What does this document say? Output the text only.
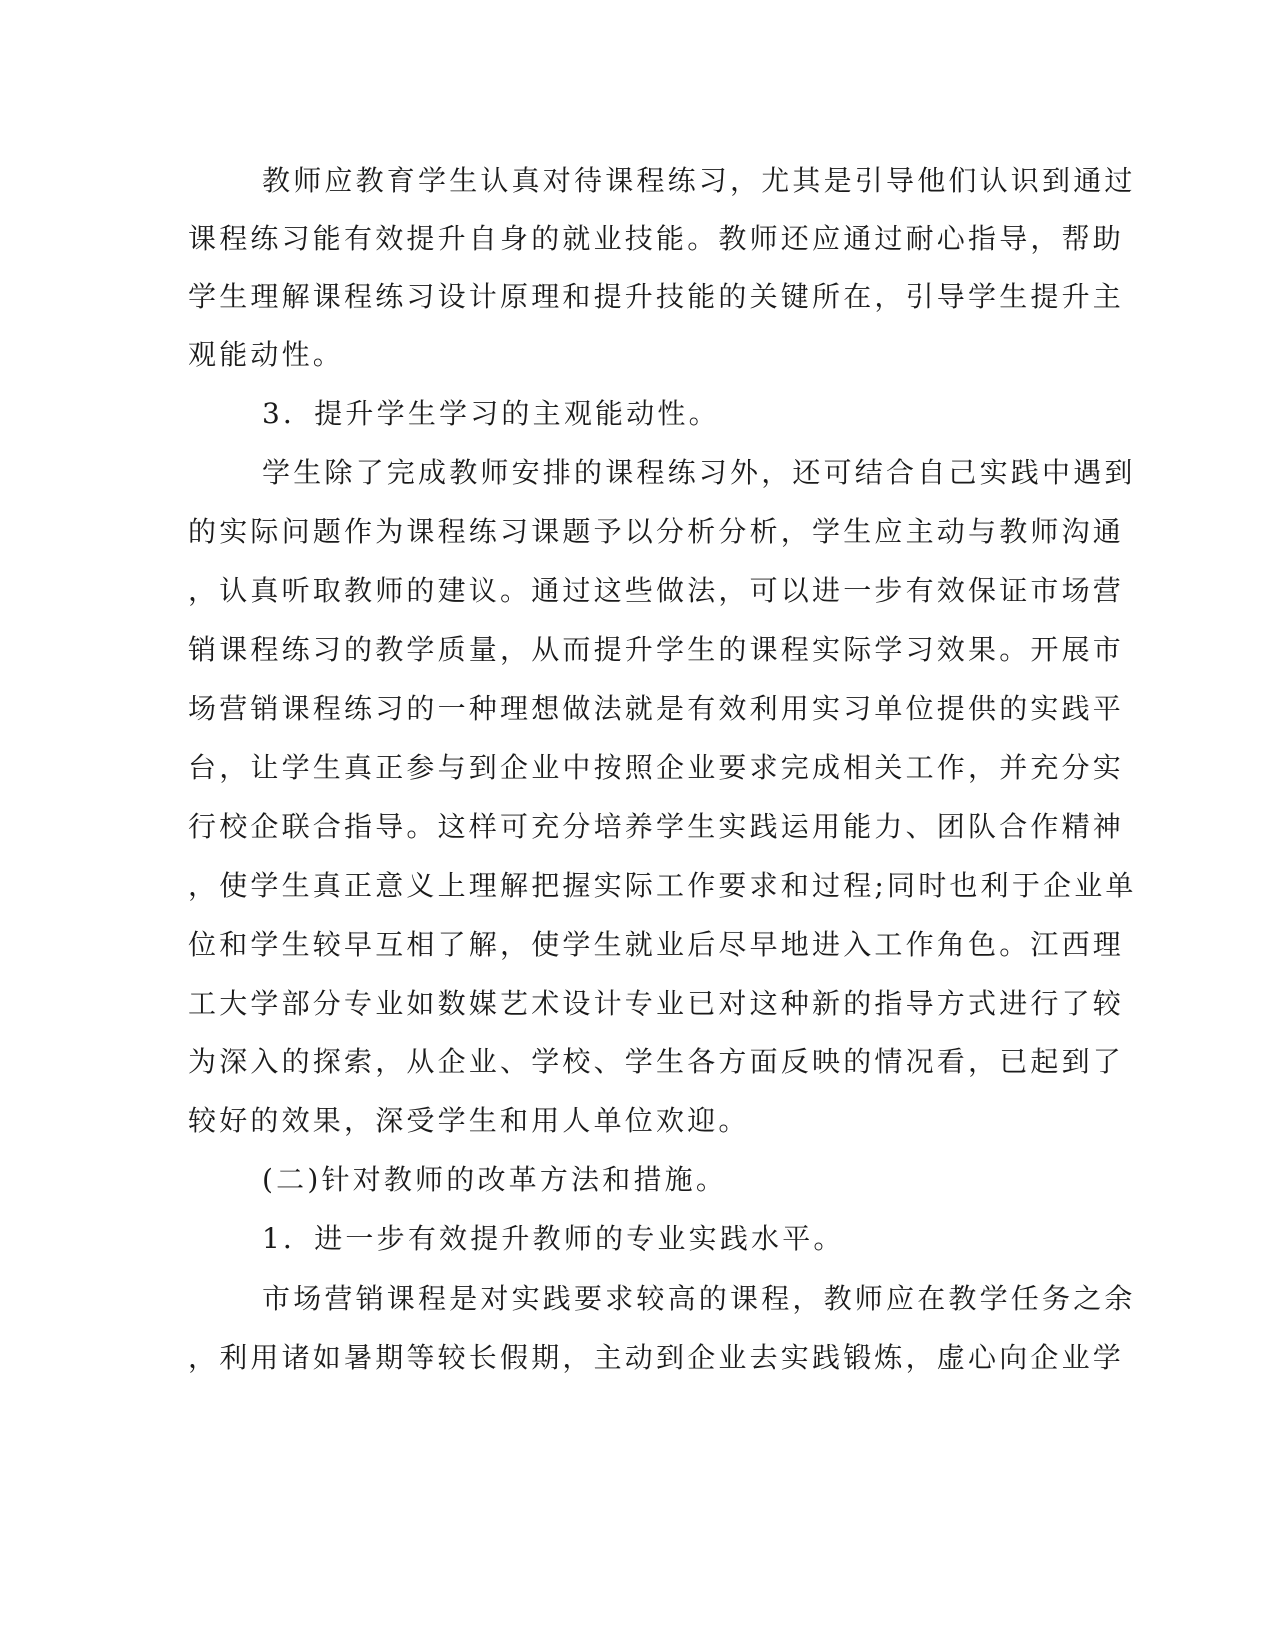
教师应教育学生认真对待课程练习，尤其是引导他们认识到通过
课程练习能有效提升自身的就业技能。教师还应通过耐心指导，帮助
学生理解课程练习设计原理和提升技能的关键所在，引导学生提升主
观能动性。
3．提升学生学习的主观能动性。
学生除了完成教师安排的课程练习外，还可结合自己实践中遇到
的实际问题作为课程练习课题予以分析分析，学生应主动与教师沟通
，认真听取教师的建议。通过这些做法，可以进一步有效保证市场营
销课程练习的教学质量，从而提升学生的课程实际学习效果。开展市
场营销课程练习的一种理想做法就是有效利用实习单位提供的实践平
台，让学生真正参与到企业中按照企业要求完成相关工作，并充分实
行校企联合指导。这样可充分培养学生实践运用能力、团队合作精神
，使学生真正意义上理解把握实际工作要求和过程;同时也利于企业单
位和学生较早互相了解，使学生就业后尽早地进入工作角色。江西理
工大学部分专业如数媒艺术设计专业已对这种新的指导方式进行了较
为深入的探索，从企业、学校、学生各方面反映的情况看，已起到了
较好的效果，深受学生和用人单位欢迎。
(二)针对教师的改革方法和措施。
1．进一步有效提升教师的专业实践水平。
市场营销课程是对实践要求较高的课程，教师应在教学任务之余
，利用诸如暑期等较长假期，主动到企业去实践锻炼，虚心向企业学
